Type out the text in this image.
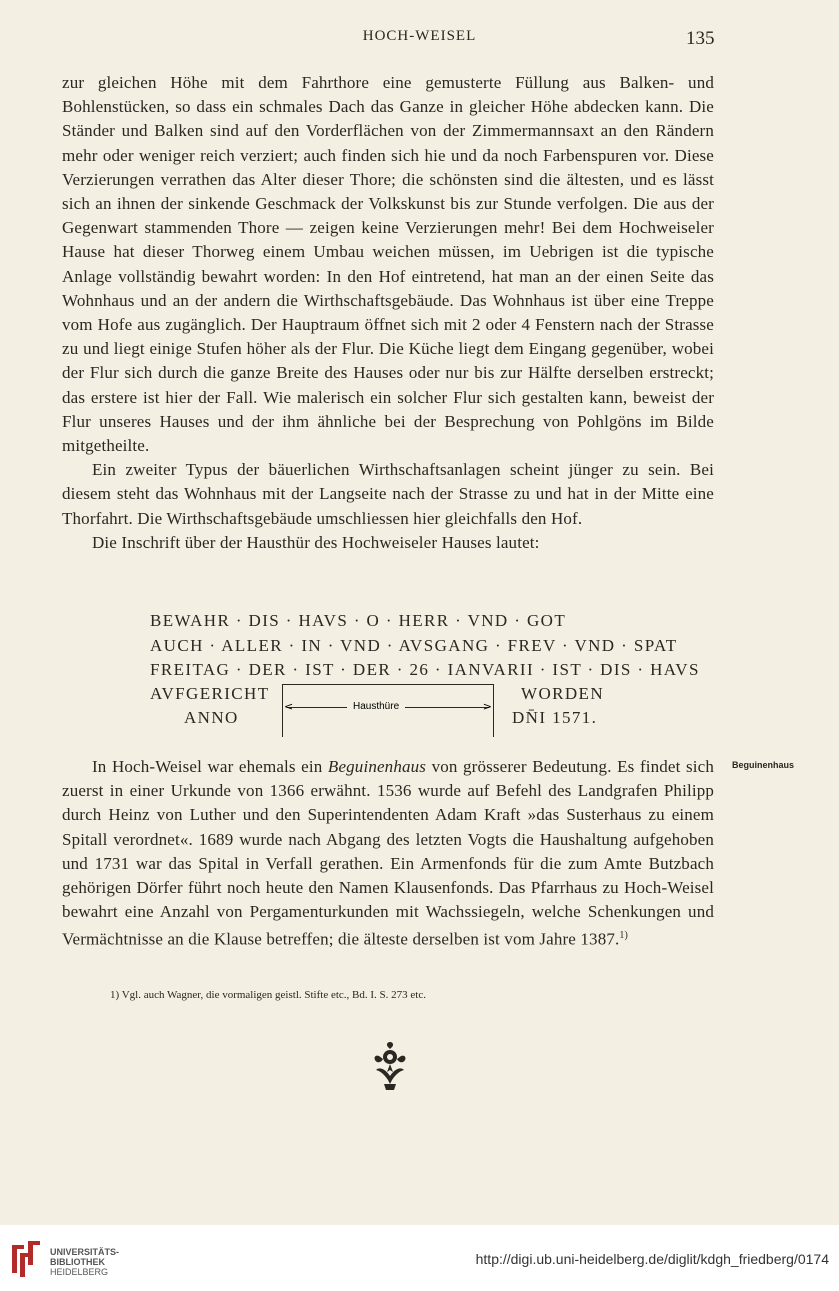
HOCH-WEISEL	135

zur gleichen Höhe mit dem Fahrthore eine gemusterte Füllung aus Balken- und Bohlenstücken, so dass ein schmales Dach das Ganze in gleicher Höhe abdecken kann. Die Ständer und Balken sind auf den Vorderflächen von der Zimmermannsaxt an den Rändern mehr oder weniger reich verziert; auch finden sich hie und da noch Farbenspuren vor. Diese Verzierungen verrathen das Alter dieser Thore; die schönsten sind die ältesten, und es lässt sich an ihnen der sinkende Geschmack der Volkskunst bis zur Stunde verfolgen. Die aus der Gegenwart stammenden Thore — zeigen keine Verzierungen mehr! Bei dem Hochweiseler Hause hat dieser Thorweg einem Umbau weichen müssen, im Uebrigen ist die typische Anlage vollständig bewahrt worden: In den Hof eintretend, hat man an der einen Seite das Wohnhaus und an der andern die Wirthschaftsgebäude. Das Wohnhaus ist über eine Treppe vom Hofe aus zugänglich. Der Hauptraum öffnet sich mit 2 oder 4 Fenstern nach der Strasse zu und liegt einige Stufen höher als der Flur. Die Küche liegt dem Eingang gegenüber, wobei der Flur sich durch die ganze Breite des Hauses oder nur bis zur Hälfte derselben erstreckt; das erstere ist hier der Fall. Wie malerisch ein solcher Flur sich gestalten kann, beweist der Flur unseres Hauses und der ihm ähnliche bei der Besprechung von Pohlgöns im Bilde mitgetheilte.

Ein zweiter Typus der bäuerlichen Wirthschaftsanlagen scheint jünger zu sein. Bei diesem steht das Wohnhaus mit der Langseite nach der Strasse zu und hat in der Mitte eine Thorfahrt. Die Wirthschaftsgebäude umschliessen hier gleichfalls den Hof.

Die Inschrift über der Hausthür des Hochweiseler Hauses lautet:

BEWAHR · DIS · HAVS · O · HERR · VND · GOT
AUCH · ALLER · IN · VND · AVSGANG · FREV · VND · SPAT
FREITAG · DER · IST · DER · 26 · IANVARII · IST · DIS · HAVS
AVFGERICHT	WORDEN
ANNO	DN̄I 1571.
<	>
Hausthüre

In Hoch-Weisel war ehemals ein Beguinenhaus von grösserer Bedeutung. Es findet sich zuerst in einer Urkunde von 1366 erwähnt. 1536 wurde auf Befehl des Landgrafen Philipp durch Heinz von Luther und den Superintendenten Adam Kraft »das Susterhaus zu einem Spitall verordnet«. 1689 wurde nach Abgang des letzten Vogts die Haushaltung aufgehoben und 1731 war das Spital in Verfall gerathen. Ein Armenfonds für die zum Amte Butzbach gehörigen Dörfer führt noch heute den Namen Klausenfonds. Das Pfarrhaus zu Hoch-Weisel bewahrt eine Anzahl von Pergamenturkunden mit Wachssiegeln, welche Schenkungen und Vermächtnisse an die Klause betreffen; die älteste derselben ist vom Jahre 1387.$^{1)}$

Beguinenhaus
1) Vgl. auch Wagner, die vormaligen geistl. Stifte etc., Bd. I. S. 273 etc.
UNIVERSITÄTS-
BIBLIOTHEK
HEIDELBERG
http://digi.ub.uni-heidelberg.de/diglit/kdgh_friedberg/0174
